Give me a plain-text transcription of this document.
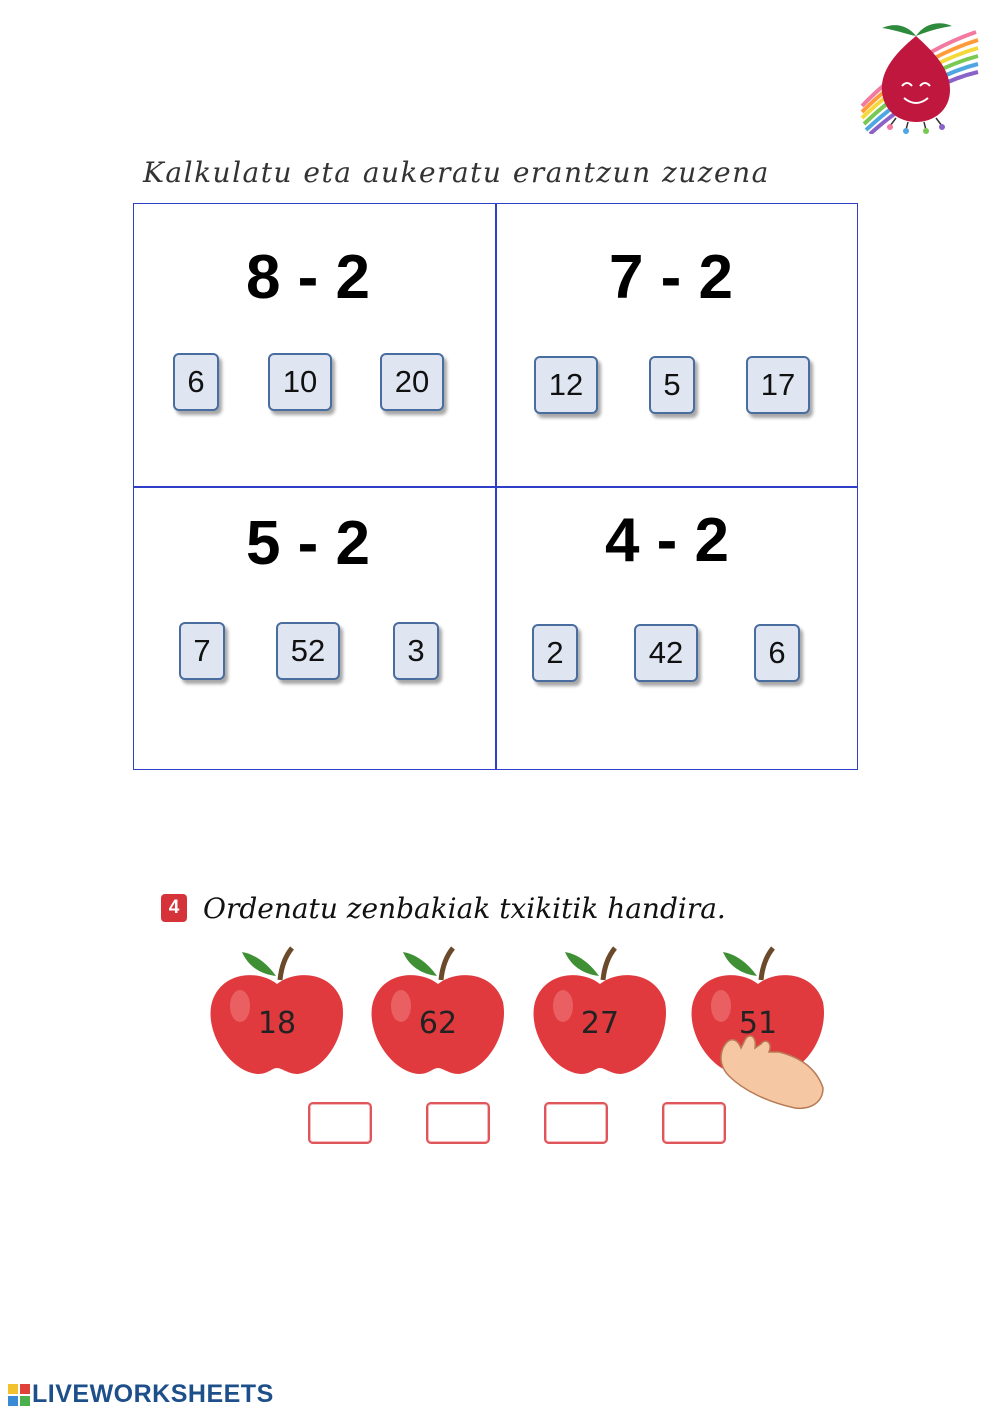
Kalkulatu eta aukeratu erantzun zuzena
8 - 2
6	10	20
7 - 2
12	5	17
5 - 2
7	52	3
4 - 2
2	42	6
4 Ordenatu zenbakiak txikitik handira.
18	62	27	51
LIVEWORKSHEETS
